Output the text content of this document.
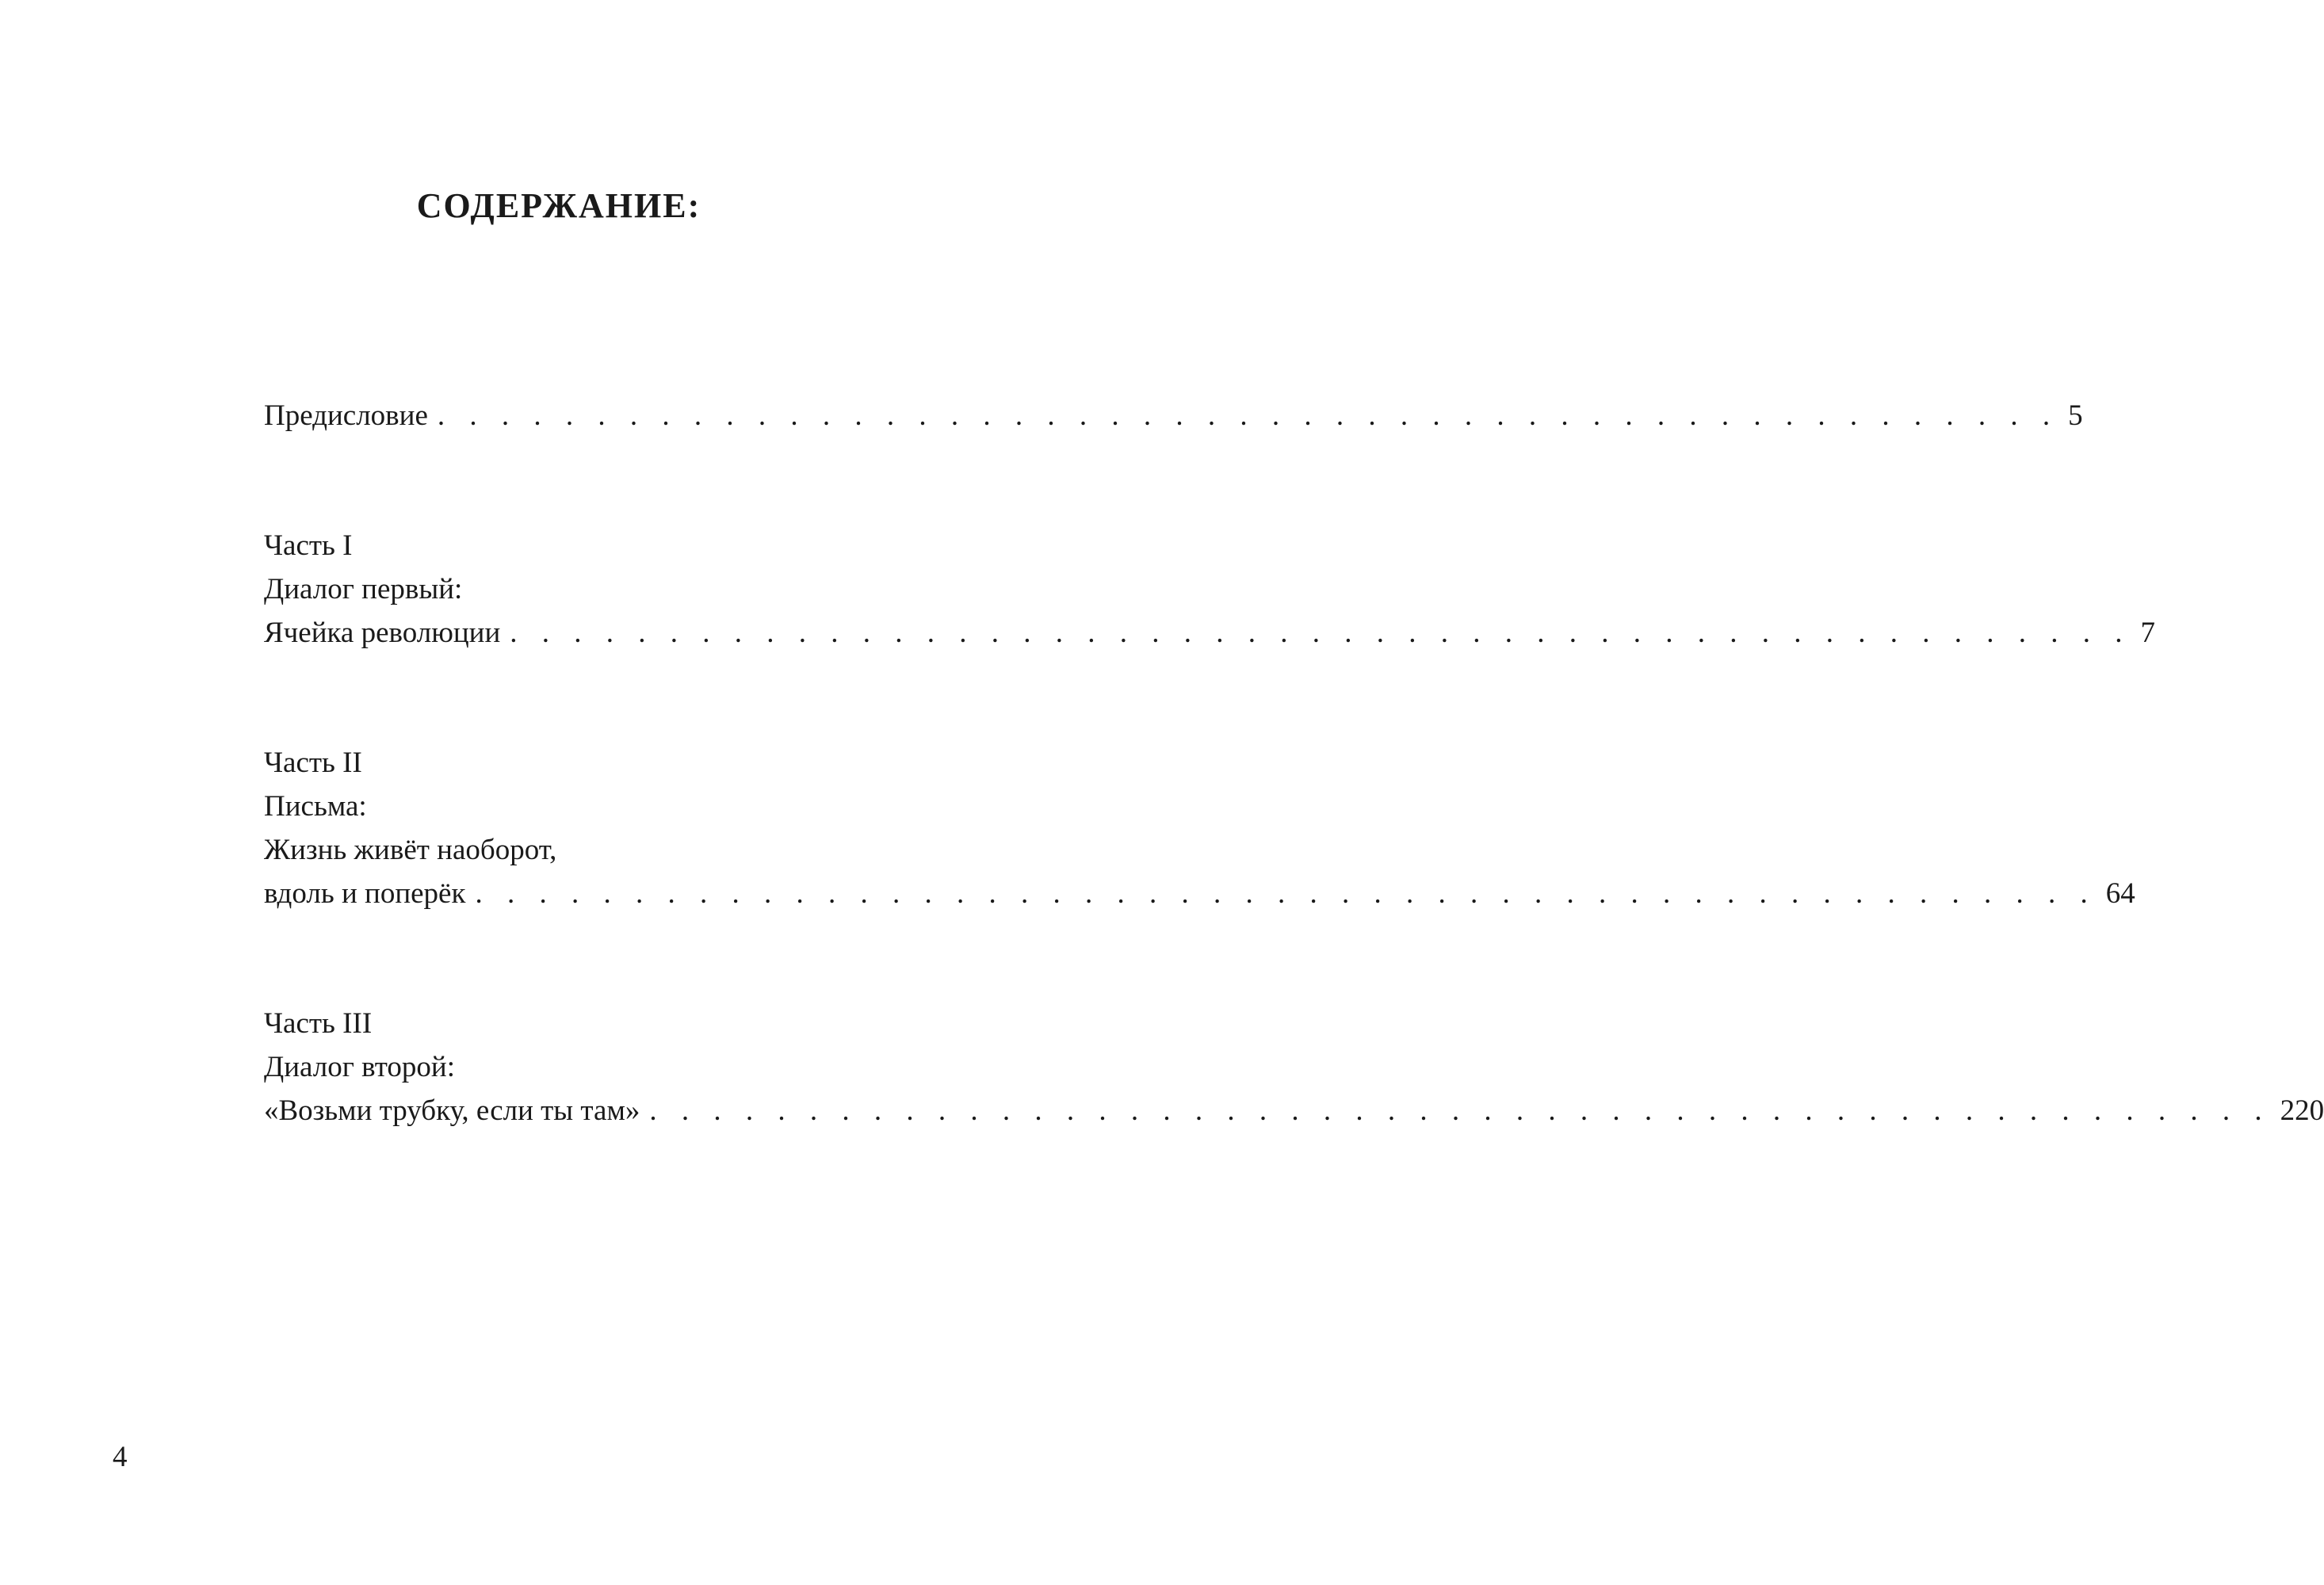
СОДЕРЖАНИЕ:
Предисловие . . . . . . . . . . . . . . . . . . . . . . . . . . . . . . . . . . . . . . . . . . . . . . . . . . . 5
Часть I
Диалог первый:
Ячейка революции . . . . . . . . . . . . . . . . . . . . . . . . . . . . . . . . . . . . . . . . . . . . . . . . . . . 7
Часть II
Письма:
Жизнь живёт наоборот,
вдоль и поперёк . . . . . . . . . . . . . . . . . . . . . . . . . . . . . . . . . . . . . . . . . . . . . . . . . . . 64
Часть III
Диалог второй:
«Возьми трубку, если ты там» . . . . . . . . . . . . . . . . . . . . . . . . . . . . . . . . . . . . . . . . . . . . . . . . . . . 220
4
